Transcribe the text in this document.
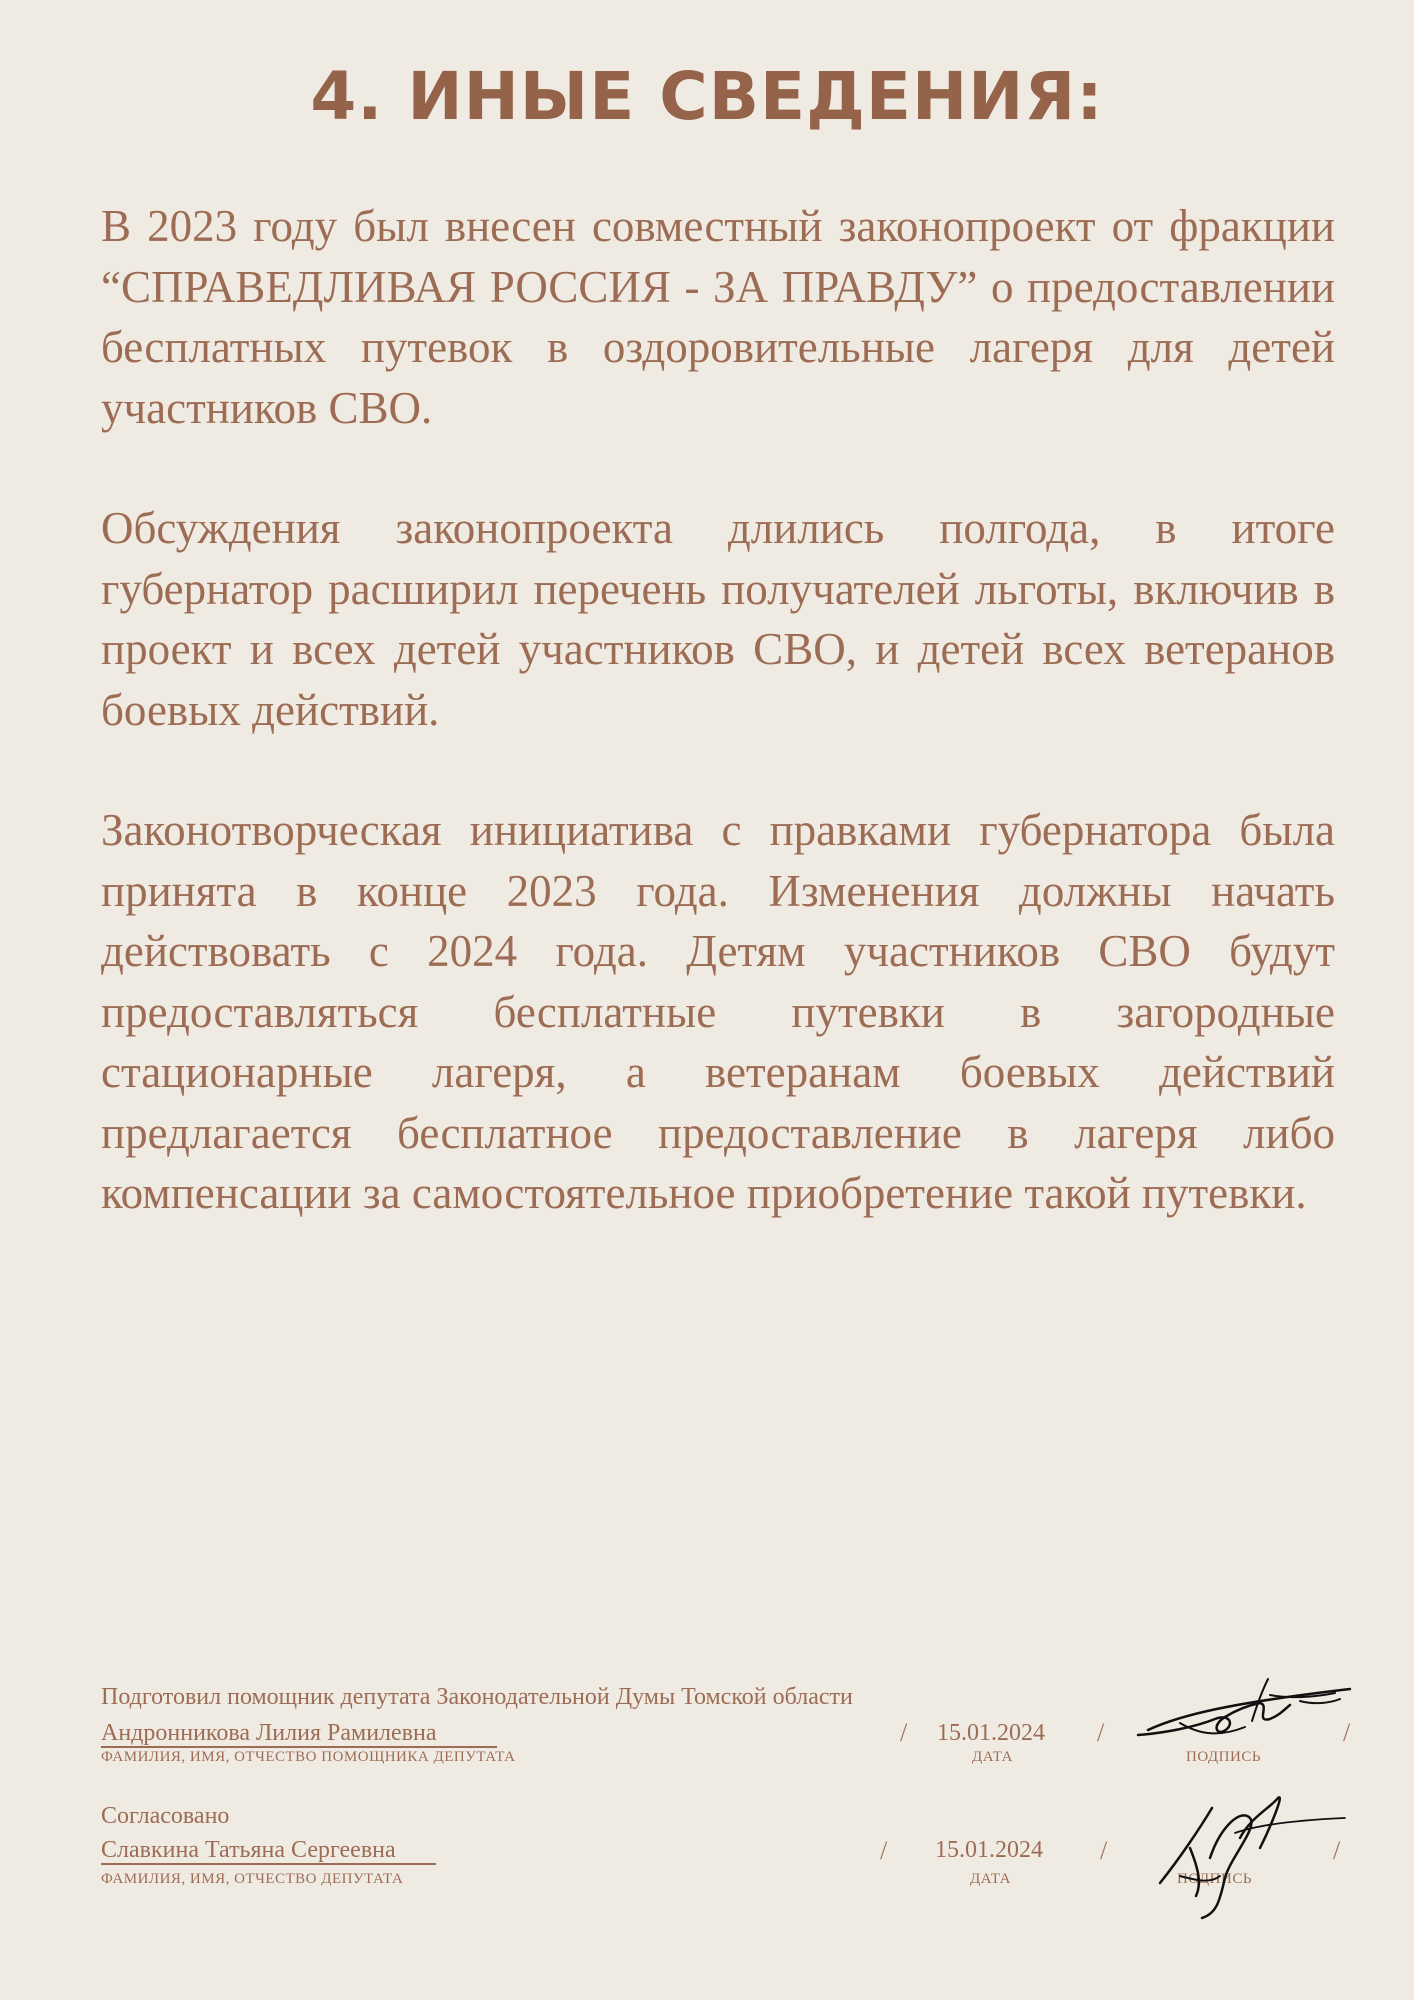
4. ИНЫЕ СВЕДЕНИЯ:

В 2023 году был внесен совместный законопроект от фракции “СПРАВЕДЛИВАЯ РОССИЯ - ЗА ПРАВДУ” о предоставлении бесплатных путевок в оздоровительные лагеря для детей участников СВО.

Обсуждения законопроекта длились полгода, в итоге губернатор расширил перечень получателей льготы, включив в проект и всех детей участников СВО, и детей всех ветеранов боевых действий.

Законотворческая инициатива с правками губернатора была принята в конце 2023 года. Изменения должны начать действовать с 2024 года. Детям участников СВО будут предоставляться бесплатные путевки в загородные стационарные лагеря, а ветеранам боевых действий предлагается бесплатное предоставление в лагеря либо компенсации за самостоятельное приобретение такой путевки.

Подготовил помощник депутата Законодательной Думы Томской области
Андронникова Лилия Рамилевна
ФАМИЛИЯ, ИМЯ, ОТЧЕСТВО ПОМОЩНИКА ДЕПУТАТА
/ 15.01.2024
ДАТА
/
ПОДПИСЬ
/
Согласовано
Славкина Татьяна Сергеевна
ФАМИЛИЯ, ИМЯ, ОТЧЕСТВО ДЕПУТАТА
/ 15.01.2024
ДАТА
/
ПОДПИСЬ
/
